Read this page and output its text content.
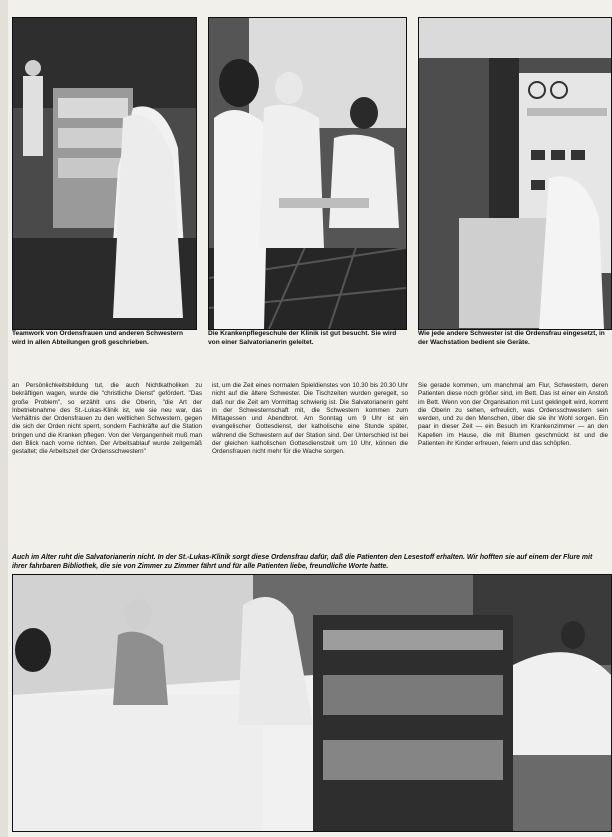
Teamwork von Ordensfrauen und anderen Schwestern wird in allen Abteilungen groß geschrieben.

Die Krankenpflegeschule der Klinik ist gut besucht. Sie wird von einer Salvatorianerin geleitet.

Wie jede andere Schwester ist die Ordensfrau eingesetzt, in der Wachstation bedient sie Geräte.

an Persönlichkeitsbildung tut, die auch Nichtkatholiken zu bekräftigen wagen, wurde die "christliche Dienst" gefördert. "Das große Problem", so erzählt uns die Oberin, "die Art der Inbetriebnahme des St.-Lukas-Klinik ist, wie sie neu war, das Verhältnis der Ordensfrauen zu den weltlichen Schwestern, gegen die sich der Orden nicht sperrt, sondern Fachkräfte auf die Station bringen und die Kranken pflegen. Von der Vergangenheit muß man den Blick nach vorne richten. Der Arbeitsablauf wurde zeitgemäß gestaltet; die Arbeitszeit der Ordensschwestern"

ist, um die Zeit eines normalen Spieldienstes von 10.30 bis 20.30 Uhr nicht auf die ältere Schwester. Die Tischzeiten wurden geregelt, so daß nur die Zeit am Vormittag schwierig ist. Die Salvatorianerin geht in der Schwesternschaft mit, die Schwestern kommen zum Mittagessen und Abendbrot. Am Sonntag um 9 Uhr ist ein evangelischer Gottesdienst, der katholische eine Stunde später, während die Schwestern auf der Station sind. Der Unterschied ist bei der gleichen katholischen Gottesdienstzeit um 10 Uhr, können die Ordensfrauen nicht mehr für die Wache sorgen.

Sie gerade kommen, um manchmal am Flur, Schwestern, deren Patienten diese noch größer sind, im Bett. Das ist einer ein Anstoß im Bett. Wenn von der Organisation mit Lust geklingelt wird, kommt die Oberin zu sehen, erfreulich, was Ordensschwestern sein werden, und zu den Menschen, über die sie ihr Wohl sorgen. Ein paar in dieser Zeit — ein Besuch im Krankenzimmer — an den Kapellen im Hause, die mit Blumen geschmückt ist und die Patienten ihr Kinder erfreuen, feiern und das schöpfen.

Auch im Alter ruht die Salvatorianerin nicht. In der St.-Lukas-Klinik sorgt diese Ordensfrau dafür, daß die Patienten den Lesestoff erhalten. Wir hofften sie auf einem der Flure mit ihrer fahrbaren Bibliothek, die sie von Zimmer zu Zimmer fährt und für alle Patienten liebe, freundliche Worte hatte.
